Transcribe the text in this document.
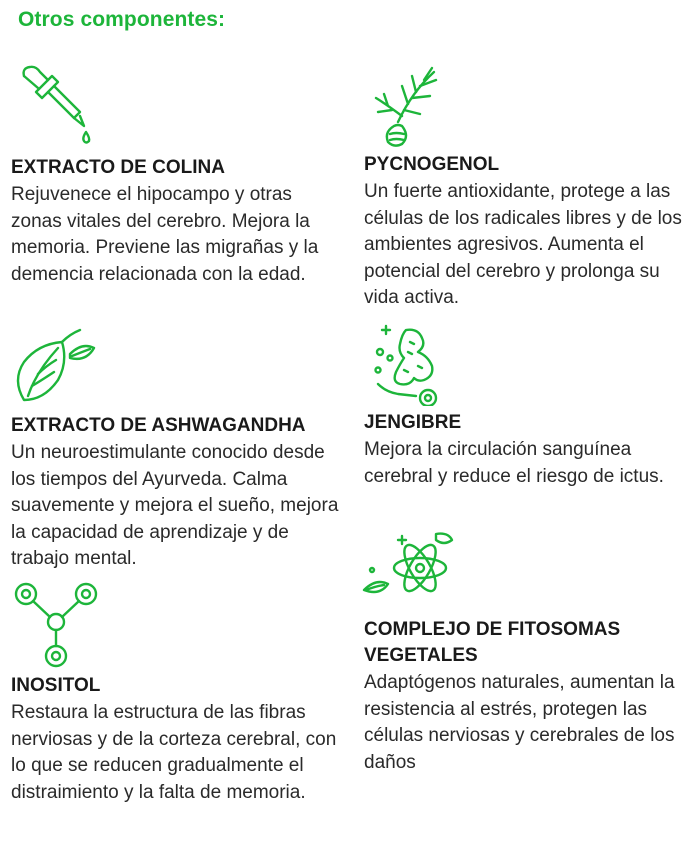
Otros componentes:

EXTRACTO DE COLINA

Rejuvenece el hipocampo y otras zonas vitales del cerebro. Mejora la memoria. Previene las migrañas y la demencia relacionada con la edad.

PYCNOGENOL

Un fuerte antioxidante, protege a las células de los radicales libres y de los ambientes agresivos. Aumenta el potencial del cerebro y prolonga su vida activa.

EXTRACTO DE ASHWAGANDHA

Un neuroestimulante conocido desde los tiempos del Ayurveda. Calma suavemente y mejora el sueño, mejora la capacidad de aprendizaje y de trabajo mental.

JENGIBRE

Mejora la circulación sanguínea cerebral y reduce el riesgo de ictus.

INOSITOL

Restaura la estructura de las fibras nerviosas y de la corteza cerebral, con lo que se reducen gradualmente el distraimiento y la falta de memoria.

COMPLEJO DE FITOSOMAS VEGETALES

Adaptógenos naturales, aumentan la resistencia al estrés, protegen las células nerviosas y cerebrales de los daños
